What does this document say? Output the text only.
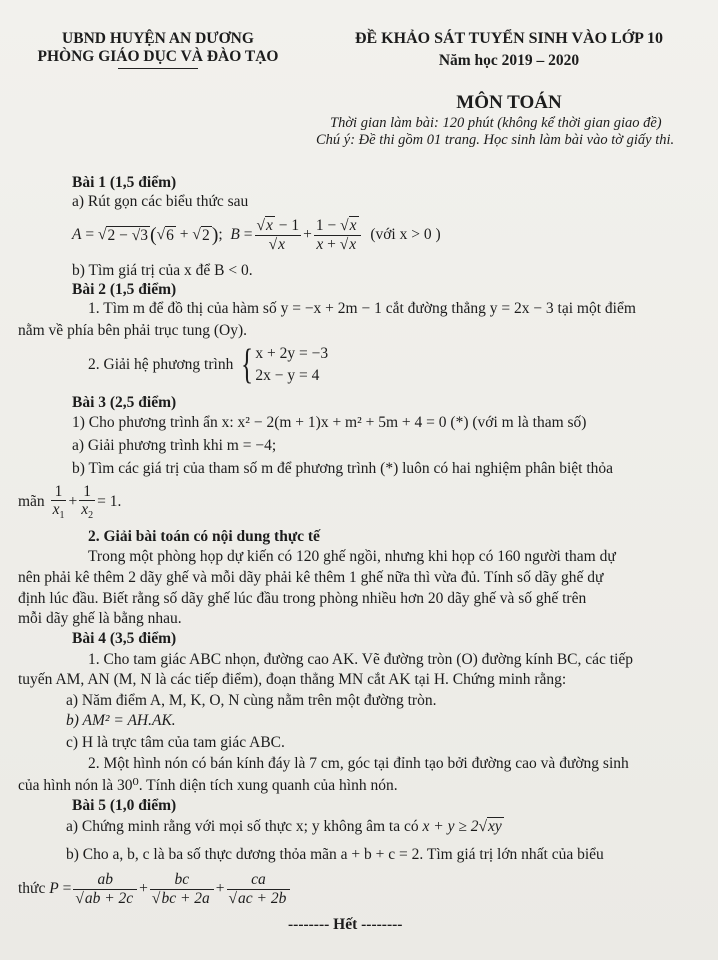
UBND HUYỆN AN DƯƠNG
PHÒNG GIÁO DỤC VÀ ĐÀO TẠO
ĐỀ KHẢO SÁT TUYỂN SINH VÀO LỚP 10
Năm học 2019 – 2020
MÔN TOÁN
Thời gian làm bài: 120 phút (không kể thời gian giao đề)
Chú ý: Đề thi gồm 01 trang. Học sinh làm bài vào tờ giấy thi.
Bài 1 (1,5 điểm)
a) Rút gọn các biểu thức sau
A = √ 2 − √3 ( √ 6 + √ 2 ) ; $B = \frac{√x - 1}{√x} + \frac{1 - √x}{x + √x}$
(với x > 0 )
b) Tìm giá trị của x để B < 0.
Bài 2 (1,5 điểm)
1. Tìm m để đồ thị của hàm số y = −x + 2m − 1 cắt đường thẳng y = 2x − 3 tại một điểm
nằm về phía bên phải trục tung (Oy).
2. Giải hệ phương trình
{ x + 2y = −3
2x − y = 4
Bài 3 (2,5 điểm)
1) Cho phương trình ẩn x: x² − 2(m + 1)x + m² + 5m + 4 = 0 (*) (với m là tham số)
a) Giải phương trình khi m = −4;
b) Tìm các giá trị của tham số m để phương trình (*) luôn có hai nghiệm phân biệt thỏa
mãn
$\frac{1}{x_1} + \frac{1}{x_2} = 1$.
2. Giải bài toán có nội dung thực tế
Trong một phòng họp dự kiến có 120 ghế ngồi, nhưng khi họp có 160 người tham dự
nên phải kê thêm 2 dãy ghế và mỗi dãy phải kê thêm 1 ghế nữa thì vừa đủ. Tính số dãy ghế dự
định lúc đầu. Biết rằng số dãy ghế lúc đầu trong phòng nhiều hơn 20 dãy ghế và số ghế trên
mỗi dãy ghế là bằng nhau.
Bài 4 (3,5 điểm)
1. Cho tam giác ABC nhọn, đường cao AK. Vẽ đường tròn (O) đường kính BC, các tiếp
tuyến AM, AN (M, N là các tiếp điểm), đoạn thẳng MN cắt AK tại H. Chứng minh rằng:
a) Năm điểm A, M, K, O, N cùng nằm trên một đường tròn.
b) AM² = AH.AK.
c) H là trực tâm của tam giác ABC.
2. Một hình nón có bán kính đáy là 7 cm, góc tại đỉnh tạo bởi đường cao và đường sinh
của hình nón là 30⁰. Tính diện tích xung quanh của hình nón.
Bài 5 (1,0 điểm)
a) Chứng minh rằng với mọi số thực x; y không âm ta có
x + y ≥ 2√xy
b) Cho a, b, c là ba số thực dương thỏa mãn a + b + c = 2. Tìm giá trị lớn nhất của biểu
thức
$P = \frac{ab}{√ab + 2c} + \frac{bc}{√bc + 2a} + \frac{ca}{√ac + 2b}$
-------- Hết --------
